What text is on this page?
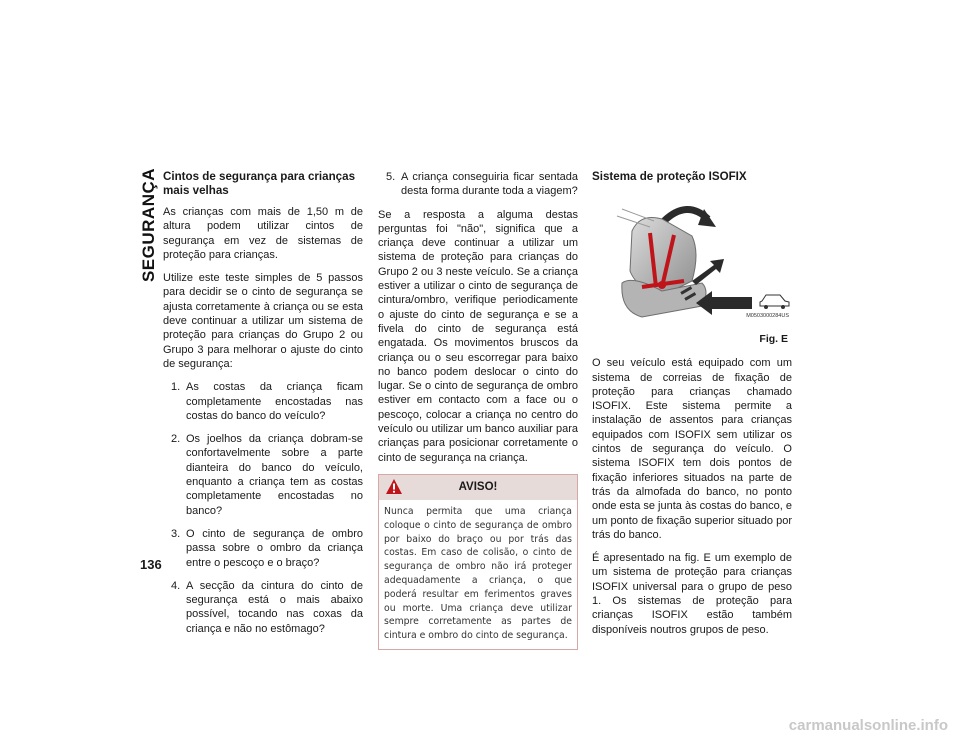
SEGURANÇA
136
Cintos de segurança para crianças mais velhas

As crianças com mais de 1,50 m de altura podem utilizar cintos de segurança em vez de sistemas de proteção para crianças.

Utilize este teste simples de 5 passos para decidir se o cinto de segurança se ajusta corretamente à criança ou se esta deve continuar a utilizar um sistema de proteção para crianças do Grupo 2 ou Grupo 3 para melhorar o ajuste do cinto de segurança:

1. As costas da criança ficam completamente encostadas nas costas do banco do veículo?
2. Os joelhos da criança dobram-se confortavelmente sobre a parte dianteira do banco do veículo, enquanto a criança tem as costas completamente encostadas no banco?
3. O cinto de segurança de ombro passa sobre o ombro da criança entre o pescoço e o braço?
4. A secção da cintura do cinto de segurança está o mais abaixo possível, tocando nas coxas da criança e não no estômago?
5. A criança conseguiria ficar sentada desta forma durante toda a viagem?

Se a resposta a alguma destas perguntas foi "não", significa que a criança deve continuar a utilizar um sistema de proteção para crianças do Grupo 2 ou 3 neste veículo. Se a criança estiver a utilizar o cinto de segurança de cintura/ombro, verifique periodicamente o ajuste do cinto de segurança e se a fivela do cinto de segurança está engatada. Os movimentos bruscos da criança ou o seu escorregar para baixo no banco podem deslocar o cinto do lugar. Se o cinto de segurança de ombro estiver em contacto com a face ou o pescoço, colocar a criança no centro do veículo ou utilizar um banco auxiliar para crianças para posicionar corretamente o cinto de segurança na criança.

AVISO!
Nunca permita que uma criança coloque o cinto de segurança de ombro por baixo do braço ou por trás das costas. Em caso de colisão, o cinto de segurança de ombro não irá proteger adequadamente a criança, o que poderá resultar em ferimentos graves ou morte. Uma criança deve utilizar sempre corretamente as partes de cintura e ombro do cinto de segurança.
Sistema de proteção ISOFIX
M0503000284US
Fig. E

O seu veículo está equipado com um sistema de correias de fixação de proteção para crianças chamado ISOFIX. Este sistema permite a instalação de assentos para crianças equipados com ISOFIX sem utilizar os cintos de segurança do veículo. O sistema ISOFIX tem dois pontos de fixação inferiores situados na parte de trás da almofada do banco, no ponto onde esta se junta às costas do banco, e um ponto de fixação superior situado por trás do banco.

É apresentado na fig. E um exemplo de um sistema de proteção para crianças ISOFIX universal para o grupo de peso 1. Os sistemas de proteção para crianças ISOFIX estão também disponíveis noutros grupos de peso.

carmanualsonline.info
